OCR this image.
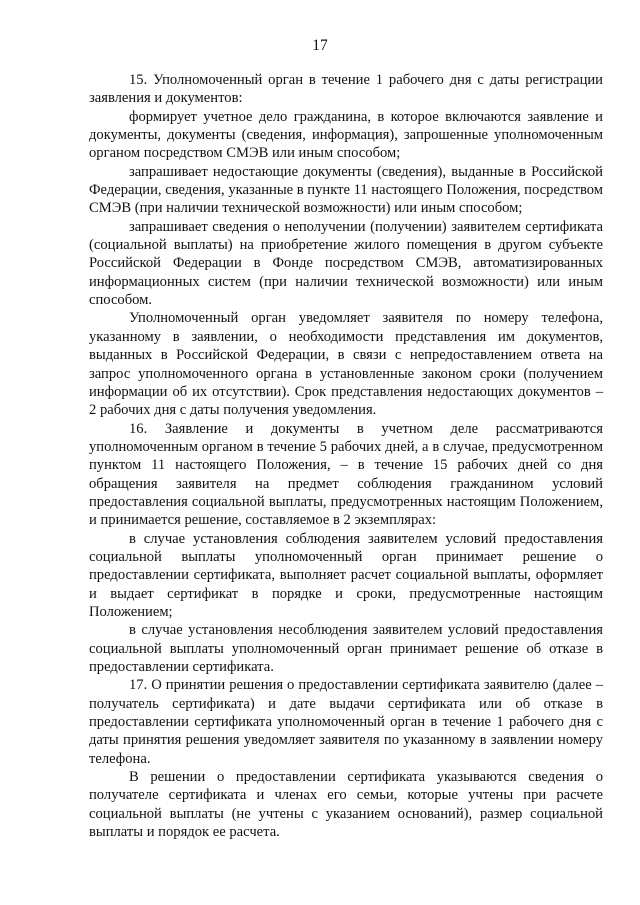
17

15. Уполномоченный орган в течение 1 рабочего дня с даты регистрации заявления и документов:

формирует учетное дело гражданина, в которое включаются заявление и документы, документы (сведения, информация), запрошенные уполномоченным органом посредством СМЭВ или иным способом;

запрашивает недостающие документы (сведения), выданные в Российской Федерации, сведения, указанные в пункте 11 настоящего Положения, посредством СМЭВ (при наличии технической возможности) или иным способом;

запрашивает сведения о неполучении (получении) заявителем сертификата (социальной выплаты) на приобретение жилого помещения в другом субъекте Российской Федерации в Фонде посредством СМЭВ, автоматизированных информационных систем (при наличии технической возможности) или иным способом.

Уполномоченный орган уведомляет заявителя по номеру телефона, указанному в заявлении, о необходимости представления им документов, выданных в Российской Федерации, в связи с непредоставлением ответа на запрос уполномоченного органа в установленные законом сроки (получением информации об их отсутствии). Срок представления недостающих документов – 2 рабочих дня с даты получения уведомления.

16. Заявление и документы в учетном деле рассматриваются уполномоченным органом в течение 5 рабочих дней, а в случае, предусмотренном пунктом 11 настоящего Положения, – в течение 15 рабочих дней со дня обращения заявителя на предмет соблюдения гражданином условий предоставления социальной выплаты, предусмотренных настоящим Положением, и принимается решение, составляемое в 2 экземплярах:

в случае установления соблюдения заявителем условий предоставления социальной выплаты уполномоченный орган принимает решение о предоставлении сертификата, выполняет расчет социальной выплаты, оформляет и выдает сертификат в порядке и сроки, предусмотренные настоящим Положением;

в случае установления несоблюдения заявителем условий предоставления социальной выплаты уполномоченный орган принимает решение об отказе в предоставлении сертификата.

17. О принятии решения о предоставлении сертификата заявителю (далее – получатель сертификата) и дате выдачи сертификата или об отказе в предоставлении сертификата уполномоченный орган в течение 1 рабочего дня с даты принятия решения уведомляет заявителя по указанному в заявлении номеру телефона.

В решении о предоставлении сертификата указываются сведения о получателе сертификата и членах его семьи, которые учтены при расчете социальной выплаты (не учтены с указанием оснований), размер социальной выплаты и порядок ее расчета.
